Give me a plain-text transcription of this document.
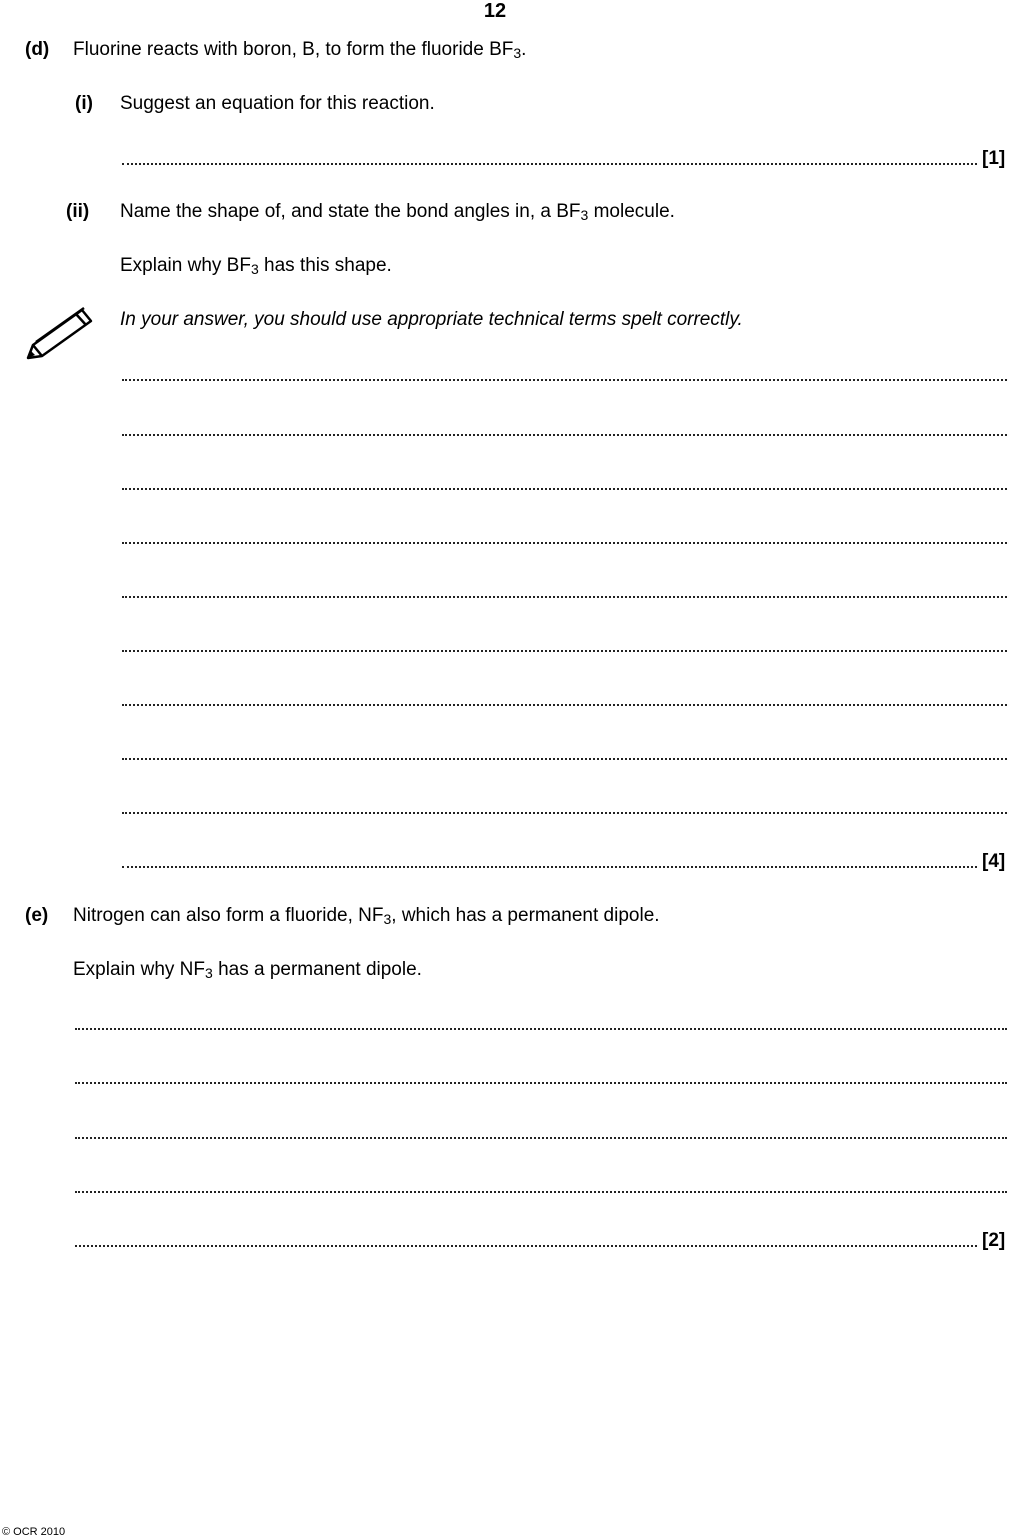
12
(d) Fluorine reacts with boron, B, to form the fluoride $BF_3$.
(i) Suggest an equation for this reaction.
[1]
(ii) Name the shape of, and state the bond angles in, a $BF_3$ molecule.
Explain why $BF_3$ has this shape.
In your answer, you should use appropriate technical terms spelt correctly.
[4]
(e) Nitrogen can also form a fluoride, $NF_3$, which has a permanent dipole.
Explain why $NF_3$ has a permanent dipole.
[2]
© OCR 2010
